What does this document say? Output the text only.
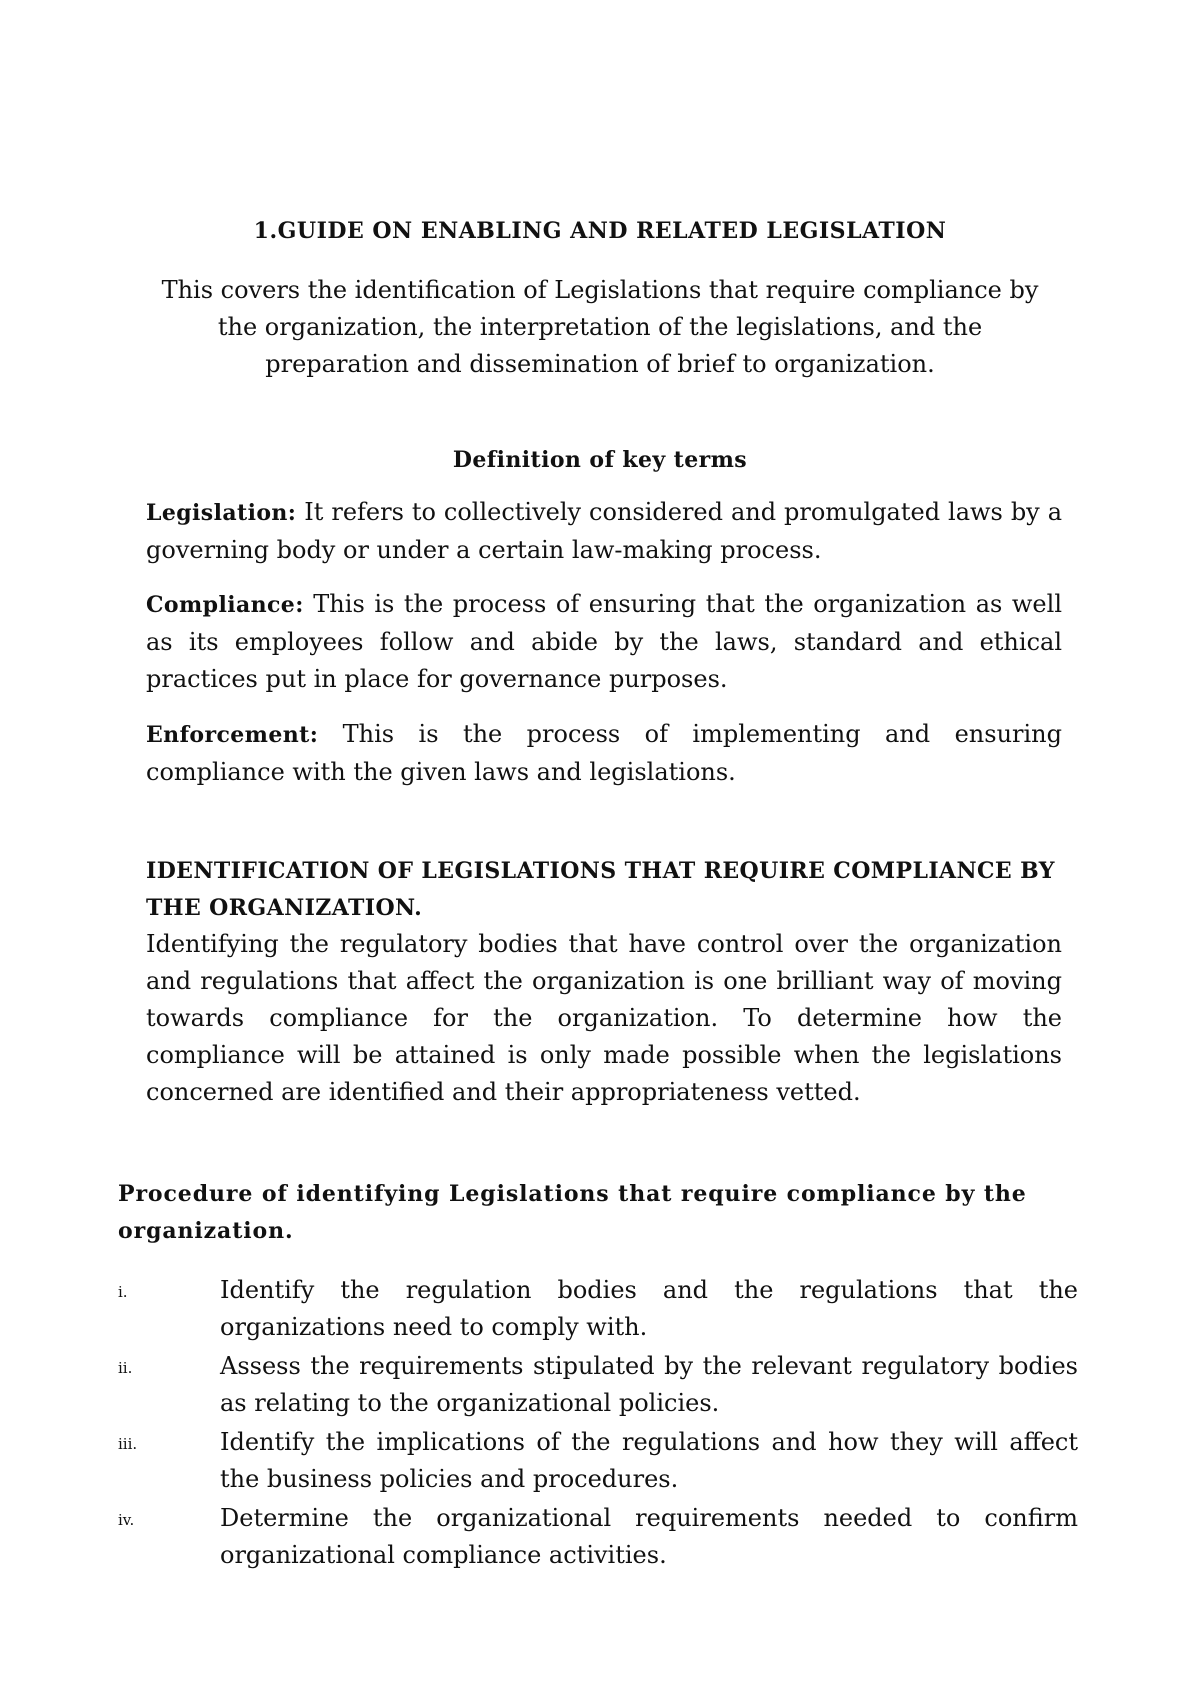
1.GUIDE ON ENABLING AND RELATED LEGISLATION
This covers the identification of Legislations that require compliance by the organization, the interpretation of the legislations, and the preparation and dissemination of brief to organization.
Definition of key terms
Legislation: It refers to collectively considered and promulgated laws by a governing body or under a certain law-making process.
Compliance: This is the process of ensuring that the organization as well as its employees follow and abide by the laws, standard and ethical practices put in place for governance purposes.
Enforcement: This is the process of implementing and ensuring compliance with the given laws and legislations.
IDENTIFICATION OF LEGISLATIONS THAT REQUIRE COMPLIANCE BY THE ORGANIZATION.
Identifying the regulatory bodies that have control over the organization and regulations that affect the organization is one brilliant way of moving towards compliance for the organization. To determine how the compliance will be attained is only made possible when the legislations concerned are identified and their appropriateness vetted.
Procedure of identifying Legislations that require compliance by the organization.
i.	Identify the regulation bodies and the regulations that the organizations need to comply with.
ii.	Assess the requirements stipulated by the relevant regulatory bodies as relating to the organizational policies.
iii.	Identify the implications of the regulations and how they will affect the business policies and procedures.
iv.	Determine the organizational requirements needed to confirm organizational compliance activities.
